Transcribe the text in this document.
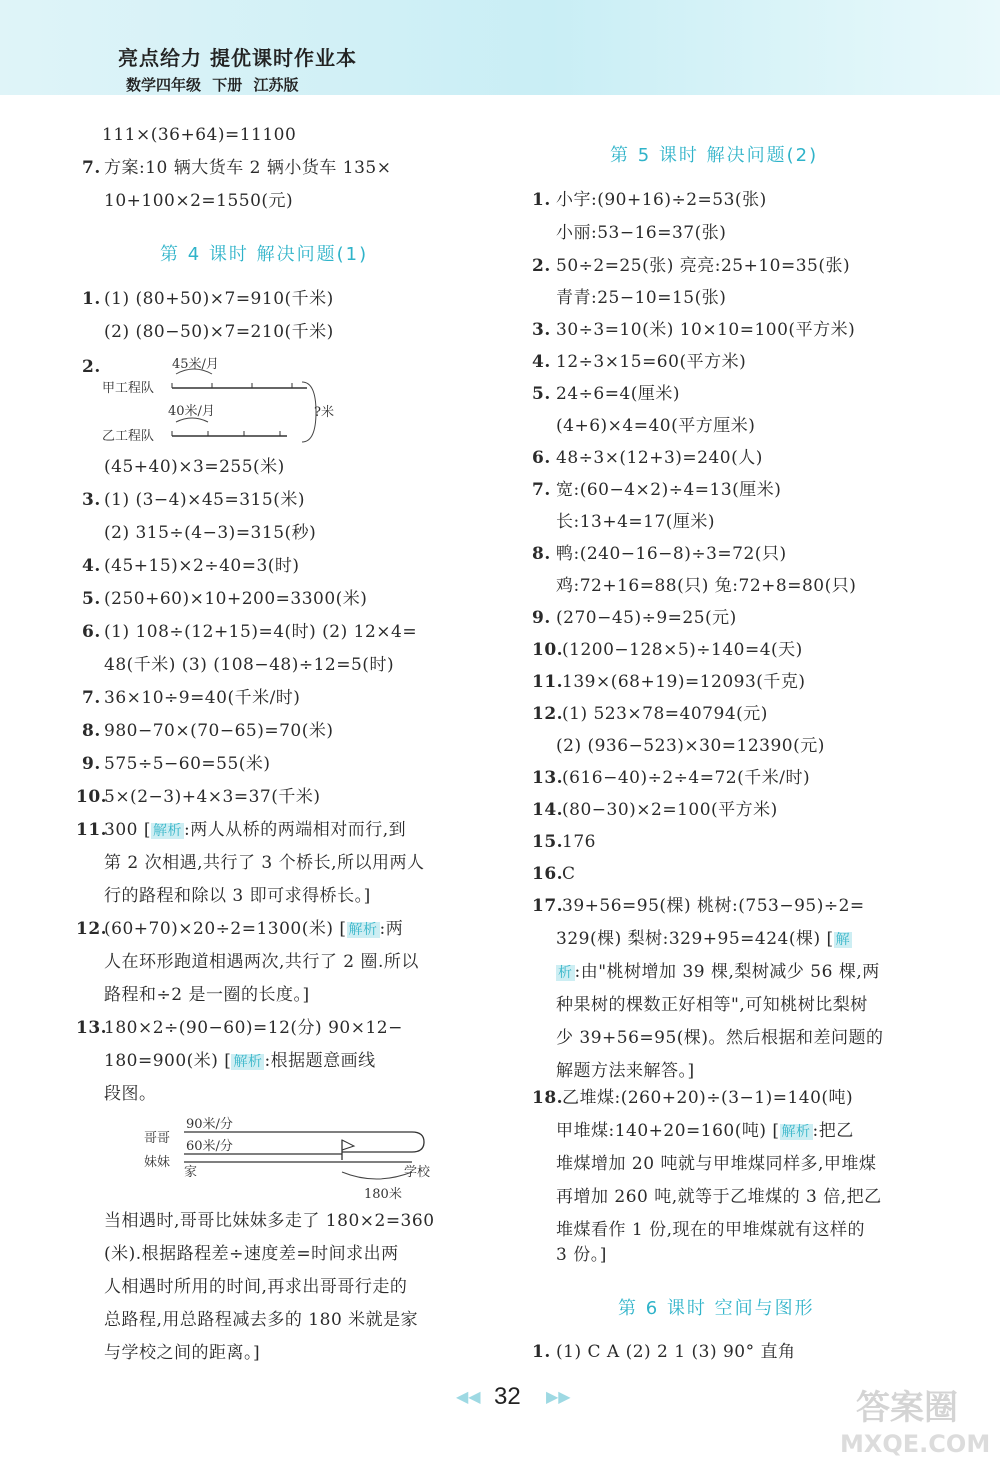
亮点给力 提优课时作业本
数学四年级 下册 江苏版
111×(36+64)=11100
7. 方案:10 辆大货车 2 辆小货车 135×
10+100×2=1550(元)
第 4 课时 解决问题(1)
1. (1) (80+50)×7=910(千米)
(2) (80−50)×7=210(千米)
2.	45米/月
甲工程队
40米/月
乙工程队
?米
(45+40)×3=255(米)
3. (1) (3−4)×45=315(米)
(2) 315÷(4−3)=315(秒)
4. (45+15)×2÷40=3(时)
5. (250+60)×10+200=3300(米)
6. (1) 108÷(12+15)=4(时) (2) 12×4=
48(千米) (3) (108−48)÷12=5(时)
7. 36×10÷9=40(千米/时)
8. 980−70×(70−65)=70(米)
9. 575÷5−60=55(米)
10.5×(2−3)+4×3=37(千米)
11.300 [ 解析 :两人从桥的两端相对而行,到
第 2 次相遇,共行了 3 个桥长,所以用两人
行的路程和除以 3 即可求得桥长。]
12.(60+70)×20÷2=1300(米) [ 解析 :两
人在环形跑道相遇两次,共行了 2 圈.所以
路程和÷2 是一圈的长度。]
13.180×2÷(90−60)=12(分) 90×12−
180=900(米) [ 解析 :根据题意画线
段图。
哥哥
妹妹
90米/分
60米/分
家	学校
180米
当相遇时,哥哥比妹妹多走了 180×2=360
(米).根据路程差÷速度差=时间求出两
人相遇时所用的时间,再求出哥哥行走的
总路程,用总路程减去多的 180 米就是家
与学校之间的距离。]
第 5 课时 解决问题(2)
1. 小宇:(90+16)÷2=53(张)
小丽:53−16=37(张)
2. 50÷2=25(张) 亮亮:25+10=35(张)
青青:25−10=15(张)
3. 30÷3=10(米) 10×10=100(平方米)
4. 12÷3×15=60(平方米)
5. 24÷6=4(厘米)
(4+6)×4=40(平方厘米)
6. 48÷3×(12+3)=240(人)
7. 宽:(60−4×2)÷4=13(厘米)
长:13+4=17(厘米)
8. 鸭:(240−16−8)÷3=72(只)
鸡:72+16=88(只) 兔:72+8=80(只)
9. (270−45)÷9=25(元)
10.(1200−128×5)÷140=4(天)
11.139×(68+19)=12093(千克)
12.(1) 523×78=40794(元)
(2) (936−523)×30=12390(元)
13.(616−40)÷2÷4=72(千米/时)
14.(80−30)×2=100(平方米)
15.176
16.C
17.39+56=95(棵) 桃树:(753−95)÷2=
329(棵) 梨树:329+95=424(棵) [ 解
析 :由"桃树增加 39 棵,梨树减少 56 棵,两
种果树的棵数正好相等",可知桃树比梨树
少 39+56=95(棵)。然后根据和差问题的
解题方法来解答。]
18.乙堆煤:(260+20)÷(3−1)=140(吨)
甲堆煤:140+20=160(吨) [ 解析 :把乙
堆煤增加 20 吨就与甲堆煤同样多,甲堆煤
再增加 260 吨,就等于乙堆煤的 3 倍,把乙
堆煤看作 1 份,现在的甲堆煤就有这样的
3 份。]
第 6 课时 空间与图形
1. (1) C A (2) 2 1 (3) 90° 直角
◀◀ 32 ▶▶	答案圈
MXQE.COM
